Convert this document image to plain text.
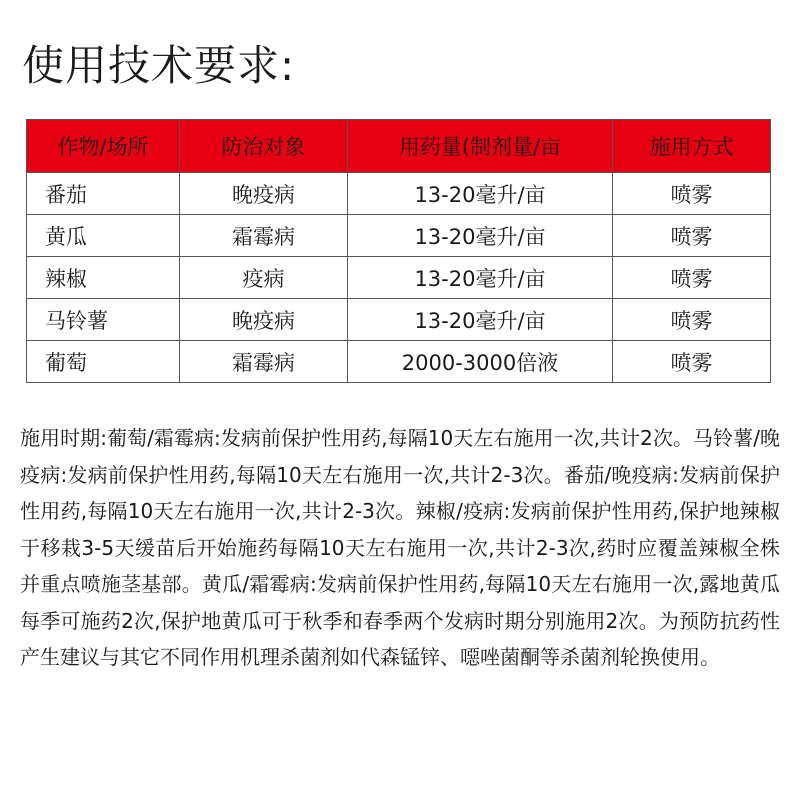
使用技术要求:
作物/场所	防治对象	用药量(制剂量/亩	施用方式
番茄	晚疫病	13-20毫升/亩	喷雾
黄瓜	霜霉病	13-20毫升/亩	喷雾
辣椒	疫病	13-20毫升/亩	喷雾
马铃薯	晚疫病	13-20毫升/亩	喷雾
葡萄	霜霉病	2000-3000倍液	喷雾
施用时期:葡萄/霜霉病:发病前保护性用药,每隔10天左右施用一次,共计2次。马铃薯/晚疫病:发病前保护性用药,每隔10天左右施用一次,共计2-3次。番茄/晚疫病:发病前保护性用药,每隔10天左右施用一次,共计2-3次。辣椒/疫病:发病前保护性用药,保护地辣椒于移栽3-5天缓苗后开始施药每隔10天左右施用一次,共计2-3次,药时应覆盖辣椒全株并重点喷施茎基部。黄瓜/霜霉病:发病前保护性用药,每隔10天左右施用一次,露地黄瓜每季可施药2次,保护地黄瓜可于秋季和春季两个发病时期分别施用2次。为预防抗药性产生建议与其它不同作用机理杀菌剂如代森锰锌、噁唑菌酮等杀菌剂轮换使用。
